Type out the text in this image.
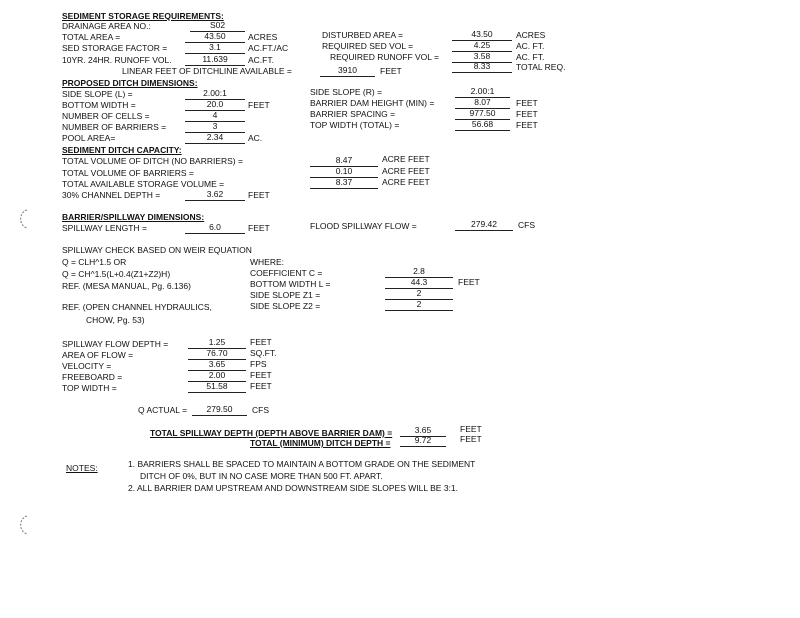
SEDIMENT STORAGE REQUIREMENTS:
DRAINAGE AREA NO.:	S02
TOTAL AREA =	43.50	ACRES
SED STORAGE FACTOR =	3.1	AC.FT./AC
10YR. 24HR. RUNOFF VOL.	11.639	AC.FT.
LINEAR FEET OF DITCHLINE AVAILABLE =	3910	FEET
DISTURBED AREA =	43.50	ACRES
REQUIRED SED VOL =	4.25	AC. FT.
REQUIRED RUNOFF VOL =	3.58	AC. FT.
8.33	TOTAL REQ.
PROPOSED DITCH DIMENSIONS:
SIDE SLOPE (L) =	2.00:1
BOTTOM WIDTH =	20.0	FEET
NUMBER OF CELLS =	4
NUMBER OF BARRIERS =	3
POOL AREA=	2.34	AC.
SIDE SLOPE (R) =	2.00:1
BARRIER DAM HEIGHT (MIN) =	8.07	FEET
BARRIER SPACING =	977.50	FEET
TOP WIDTH (TOTAL) =	56.68	FEET
SEDIMENT DITCH CAPACITY:
TOTAL VOLUME OF DITCH (NO BARRIERS) =	8.47	ACRE FEET
TOTAL VOLUME OF BARRIERS =	0.10	ACRE FEET
TOTAL AVAILABLE STORAGE VOLUME =	8.37	ACRE FEET
30% CHANNEL DEPTH =	3.62	FEET
BARRIER/SPILLWAY DIMENSIONS:
SPILLWAY LENGTH =	6.0	FEET	FLOOD SPILLWAY FLOW =	279.42	CFS
SPILLWAY CHECK BASED ON WEIR EQUATION
Q = CLH^1.5 OR
Q = CH^1.5(L+0.4(Z1+Z2)H)
REF. (MESA MANUAL, Pg. 6.136)
REF. (OPEN CHANNEL HYDRAULICS,
CHOW, Pg. 53)
WHERE:
COEFFICIENT C =	2.8
BOTTOM WIDTH L =	44.3	FEET
SIDE SLOPE Z1 =	2
SIDE SLOPE Z2 =	2
SPILLWAY FLOW DEPTH =	1.25	FEET
AREA OF FLOW =	76.70	SQ.FT.
VELOCITY =	3.65	FPS
FREEBOARD =	2.00	FEET
TOP WIDTH =	51.58	FEET
Q ACTUAL =	279.50	CFS
TOTAL SPILLWAY DEPTH (DEPTH ABOVE BARRIER DAM) =	3.65	FEET
TOTAL (MINIMUM) DITCH DEPTH =	9.72	FEET
NOTES:	1. BARRIERS SHALL BE SPACED TO MAINTAIN A BOTTOM GRADE ON THE SEDIMENT
DITCH OF 0%, BUT IN NO CASE MORE THAN 500 FT. APART.
2. ALL BARRIER DAM UPSTREAM AND DOWNSTREAM SIDE SLOPES WILL BE 3:1.
